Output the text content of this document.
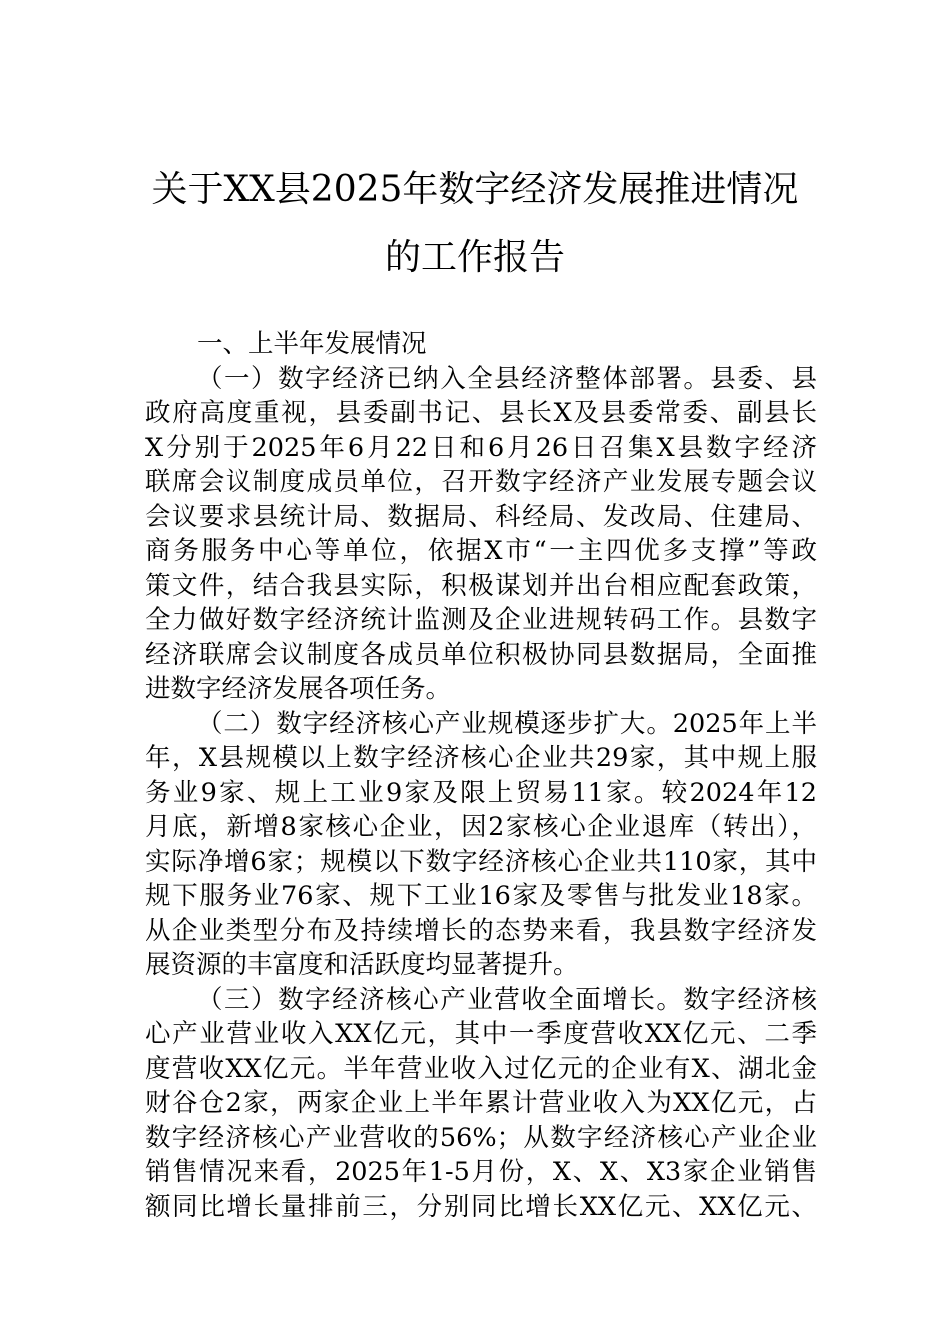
关于XX县2025年数字经济发展推进情况
的工作报告
一、上半年发展情况
（一）数字经济已纳入全县经济整体部署。县委、县
政府高度重视，县委副书记、县长X及县委常委、副县长
X分别于2025年6月22日和6月26日召集X县数字经济
联席会议制度成员单位，召开数字经济产业发展专题会议
会议要求县统计局、数据局、科经局、发改局、住建局、
商务服务中心等单位，依据X市“一主四优多支撑”等政
策文件，结合我县实际，积极谋划并出台相应配套政策，
全力做好数字经济统计监测及企业进规转码工作。县数字
经济联席会议制度各成员单位积极协同县数据局，全面推
进数字经济发展各项任务。
（二）数字经济核心产业规模逐步扩大。2025年上半
年，X县规模以上数字经济核心企业共29家，其中规上服
务业9家、规上工业9家及限上贸易11家。较2024年12
月底，新增8家核心企业，因2家核心企业退库（转出），
实际净增6家；规模以下数字经济核心企业共110家，其中
规下服务业76家、规下工业16家及零售与批发业18家。
从企业类型分布及持续增长的态势来看，我县数字经济发
展资源的丰富度和活跃度均显著提升。
（三）数字经济核心产业营收全面增长。数字经济核
心产业营业收入XX亿元，其中一季度营收XX亿元、二季
度营收XX亿元。半年营业收入过亿元的企业有X、湖北金
财谷仓2家，两家企业上半年累计营业收入为XX亿元，占
数字经济核心产业营收的56%；从数字经济核心产业企业
销售情况来看，2025年1-5月份，X、X、X3家企业销售
额同比增长量排前三，分别同比增长XX亿元、XX亿元、
